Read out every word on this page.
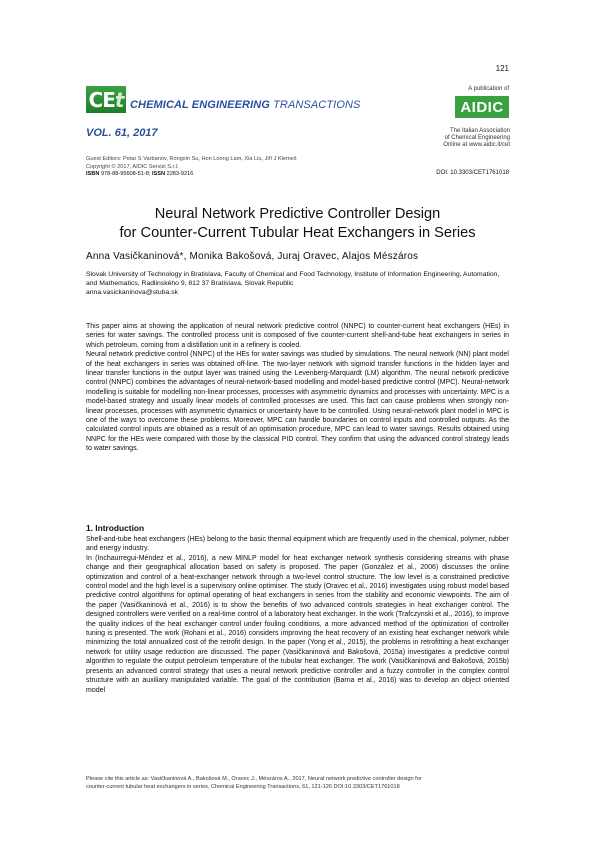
121
CE t CHEMICAL ENGINEERING TRANSACTIONS
VOL. 61, 2017
A publication of
AIDIC
The Italian Association
of Chemical Engineering
Online at www.aidic.it/cet
Guest Editors: Petar S Varbanov, Rongxin Su, Hon Loong Lam, Xia Liu, Jiří J Klemeš
Copyright © 2017, AIDIC Servizi S.r.l.
ISBN 978-88-95608-51-8; ISSN 2283-9216	DOI: 10.3303/CET1761018
Neural Network Predictive Controller Design
for Counter-Current Tubular Heat Exchangers in Series
Anna Vasičkaninová*, Monika Bakošová, Juraj Oravec, Alajos Mészáros
Slovak University of Technology in Bratislava, Faculty of Chemical and Food Technology, Institute of Information Engineering, Automation, and Mathematics, Radlinského 9, 812 37 Bratislava, Slovak Republic
anna.vasickaninova@stuba.sk

This paper aims at showing the application of neural network predictive control (NNPC) to counter-current heat exchangers (HEs) in series for water savings. The controlled process unit is composed of five counter-current shell-and-tube heat exchangers in series in which petroleum, coming from a distillation unit in a refinery is cooled.

Neural network predictive control (NNPC) of the HEs for water savings was studied by simulations. The neural network (NN) plant model of the heat exchangers in series was obtained off-line. The two-layer network with sigmoid transfer functions in the hidden layer and linear transfer functions in the output layer was trained using the Levenberg-Marquardt (LM) algorithm. The neural network predictive control (NNPC) combines the advantages of neural-network-based modelling and model-based predictive control (MPC). Neural-network modelling is suitable for modelling non-linear processes, processes with asymmetric dynamics and processes with uncertainty. MPC is a model-based strategy and usually linear models of controlled processes are used. This fact can cause problems when strongly non-linear processes, processes with asymmetric dynamics or uncertainty have to be controlled. Using neural-network plant model in MPC is one of the ways to overcome these problems. Moreover, MPC can handle boundaries on control inputs and controlled outputs. As the calculated control inputs are obtained as a result of an optimisation procedure, MPC can lead to water savings. Results obtained using NNPC for the HEs were compared with those by the classical PID control. They confirm that using the advanced control strategy leads to water savings.

1. Introduction

Shell-and-tube heat exchangers (HEs) belong to the basic thermal equipment which are frequently used in the chemical, polymer, rubber and energy industry.

In (Inchaurregui-Méndez et al., 2016), a new MINLP model for heat exchanger network synthesis considering streams with phase change and their geographical allocation based on safety is proposed. The paper (González et al., 2006) discusses the online optimization and control of a heat-exchanger network through a two-level control structure. The low level is a constrained predictive control model and the high level is a supervisory online optimiser. The study (Oravec et al., 2016) investigates using robust model based predictive control algorithms for optimal operating of heat exchangers in series from the stability and economic viewpoints. The aim of the paper (Vasičkaninová et al., 2016) is to show the benefits of two advanced controls strategies in heat exchanger control. The designed controllers were verified on a real-time control of a laboratory heat exchanger. In the work (Trafczynski et al., 2016), to improve the quality indices of the heat exchanger control under fouling conditions, a more advanced method of the optimization of controller tuning is presented. The work (Rohani et al., 2016) considers improving the heat recovery of an existing heat exchanger network while minimizing the total annualized cost of the retrofit design. In the paper (Yong et al., 2015), the problems in retrofitting a heat exchanger network for utility usage reduction are discussed. The paper (Vasičkaninová and Bakošová, 2015a) investigates a predictive control algorithm to regulate the output petroleum temperature of the tubular heat exchanger. The work (Vasičkaninová and Bakošová, 2015b) presents an advanced control strategy that uses a neural network predictive controller and a fuzzy controller in the complex control structure with an auxiliary manipulated variable. The goal of the contribution (Barna et al., 2016) was to develop an object oriented model

Please cite this article as: Vasičkaninová A., Bakošová M., Oravec J., Mészáros A., 2017, Neural network predictive controller design for
counter-current tubular heat exchangers in series, Chemical Engineering Transactions, 61, 121-126 DOI:10.3303/CET1761018
